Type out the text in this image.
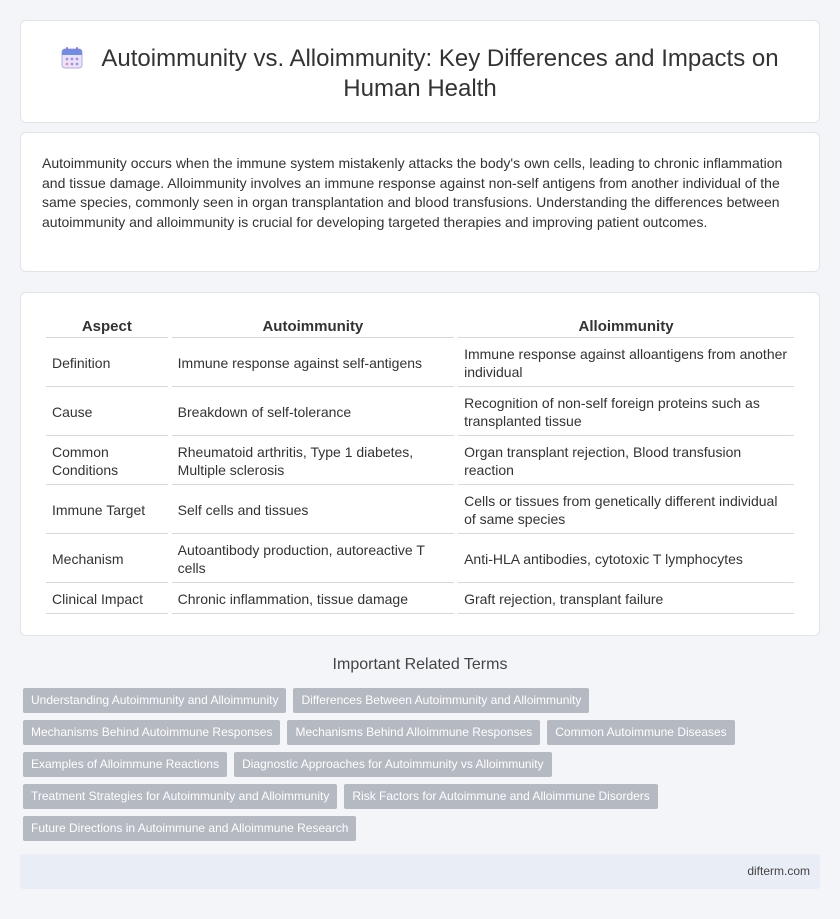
Autoimmunity vs. Alloimmunity: Key Differences and Impacts on Human Health

Autoimmunity occurs when the immune system mistakenly attacks the body's own cells, leading to chronic inflammation and tissue damage. Alloimmunity involves an immune response against non-self antigens from another individual of the same species, commonly seen in organ transplantation and blood transfusions. Understanding the differences between autoimmunity and alloimmunity is crucial for developing targeted therapies and improving patient outcomes.

Aspect	Autoimmunity	Alloimmunity
Definition	Immune response against self-antigens	Immune response against alloantigens from another individual
Cause	Breakdown of self-tolerance	Recognition of non-self foreign proteins such as transplanted tissue
Common Conditions	Rheumatoid arthritis, Type 1 diabetes, Multiple sclerosis	Organ transplant rejection, Blood transfusion reaction
Immune Target	Self cells and tissues	Cells or tissues from genetically different individual of same species
Mechanism	Autoantibody production, autoreactive T cells	Anti-HLA antibodies, cytotoxic T lymphocytes
Clinical Impact	Chronic inflammation, tissue damage	Graft rejection, transplant failure
Important Related Terms
Understanding Autoimmunity and Alloimmunity	Differences Between Autoimmunity and Alloimmunity
Mechanisms Behind Autoimmune Responses	Mechanisms Behind Alloimmune Responses	Common Autoimmune Diseases
Examples of Alloimmune Reactions	Diagnostic Approaches for Autoimmunity vs Alloimmunity
Treatment Strategies for Autoimmunity and Alloimmunity	Risk Factors for Autoimmune and Alloimmune Disorders
Future Directions in Autoimmune and Alloimmune Research
difterm.com
